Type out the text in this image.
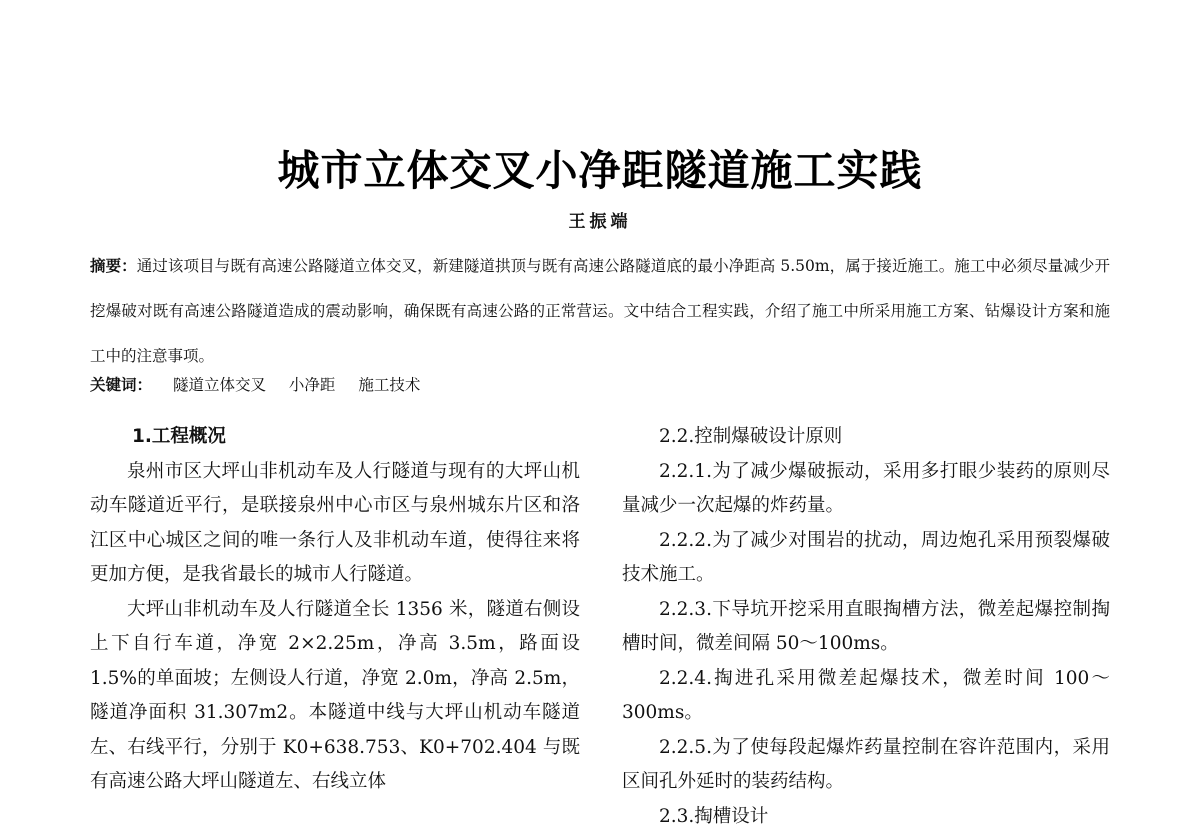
城市立体交叉小净距隧道施工实践
王振端
摘要：通过该项目与既有高速公路隧道立体交叉，新建隧道拱顶与既有高速公路隧道底的最小净距高 5.50m，属于接近施工。施工中必须尽量减少开挖爆破对既有高速公路隧道造成的震动影响，确保既有高速公路的正常营运。文中结合工程实践，介绍了施工中所采用施工方案、钻爆设计方案和施工中的注意事项。
关键词： 隧道立体交叉 小净距 施工技术

1.工程概况

泉州市区大坪山非机动车及人行隧道与现有的大坪山机动车隧道近平行，是联接泉州中心市区与泉州城东片区和洛江区中心城区之间的唯一条行人及非机动车道，使得往来将更加方便，是我省最长的城市人行隧道。

大坪山非机动车及人行隧道全长 1356 米，隧道右侧设上下自行车道，净宽 2×2.25m，净高 3.5m，路面设 1.5%的单面坡；左侧设人行道，净宽 2.0m，净高 2.5m，隧道净面积 31.307m2。本隧道中线与大坪山机动车隧道左、右线平行，分别于 K0+638.753、K0+702.404 与既有高速公路大坪山隧道左、右线立体

2.2.控制爆破设计原则

2.2.1.为了减少爆破振动，采用多打眼少装药的原则尽量减少一次起爆的炸药量。

2.2.2.为了减少对围岩的扰动，周边炮孔采用预裂爆破技术施工。

2.2.3.下导坑开挖采用直眼掏槽方法，微差起爆控制掏槽时间，微差间隔 50～100ms。

2.2.4.掏进孔采用微差起爆技术，微差时间 100～300ms。

2.2.5.为了使每段起爆炸药量控制在容许范围内，采用区间孔外延时的装药结构。

2.3.掏槽设计
